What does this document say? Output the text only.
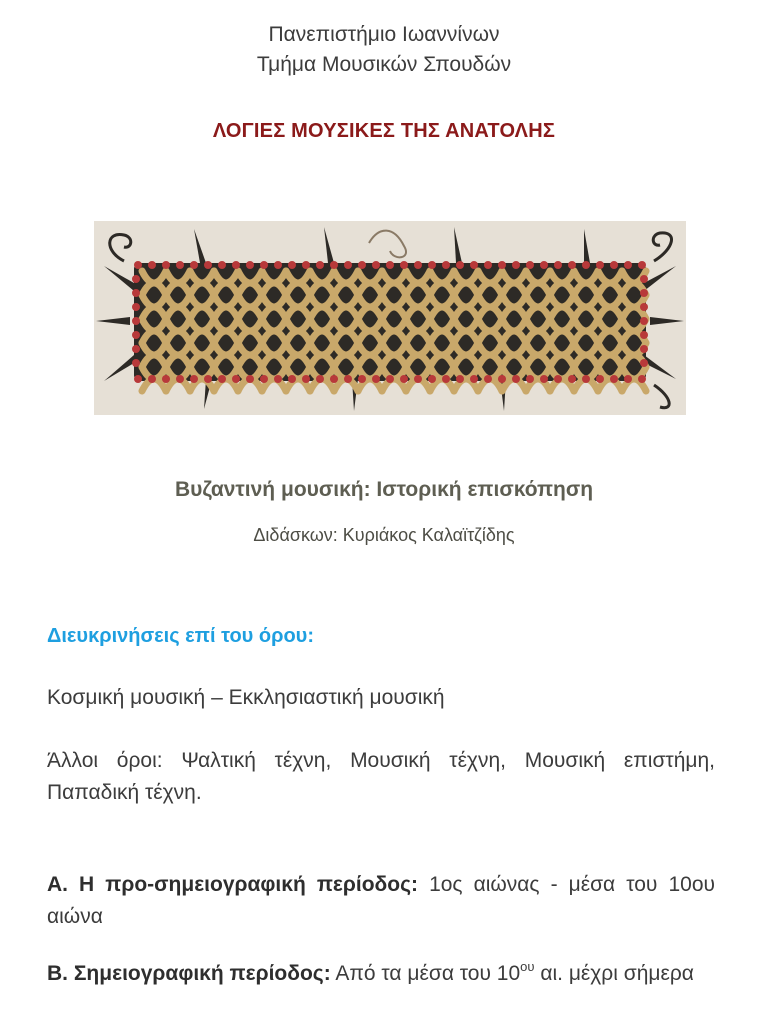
Πανεπιστήμιο Ιωαννίνων
Τμήμα Μουσικών Σπουδών
ΛΟΓΙΕΣ ΜΟΥΣΙΚΕΣ ΤΗΣ ΑΝΑΤΟΛΗΣ
Βυζαντινή μουσική: Ιστορική επισκόπηση
Διδάσκων: Κυριάκος Καλαϊτζίδης
Διευκρινήσεις επί του όρου:
Κοσμική μουσική – Εκκλησιαστική μουσική
Άλλοι όροι: Ψαλτική τέχνη, Μουσική τέχνη, Μουσική επιστήμη, Παπαδική τέχνη.
Α. Η προ-σημειογραφική περίοδος: 1ος αιώνας - μέσα του 10ου αιώνα
Β. Σημειογραφική περίοδος: Από τα μέσα του $10^{o\upsilon}$ αι. μέχρι σήμερα
